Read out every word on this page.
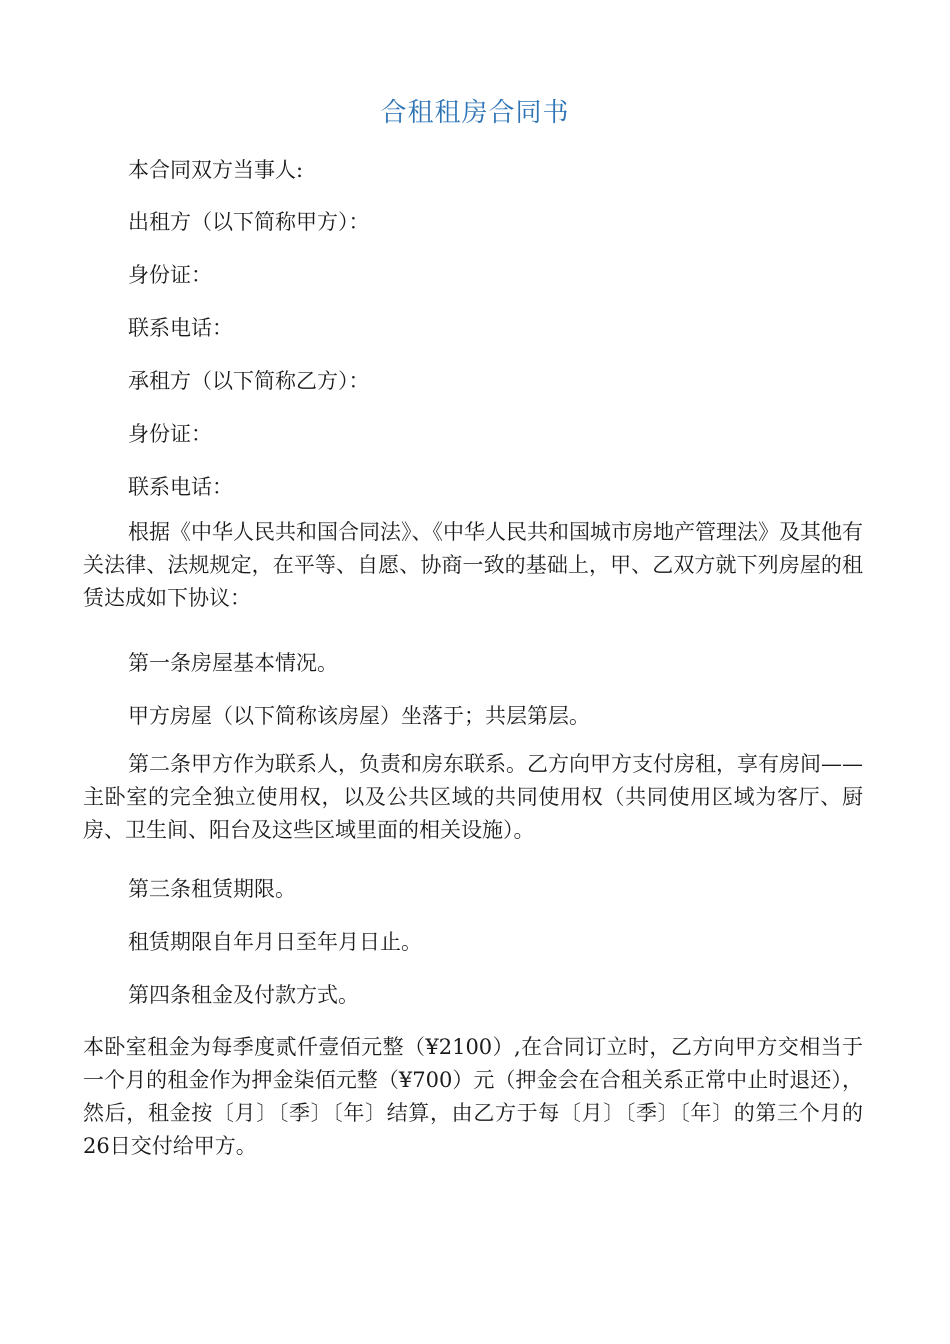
合租租房合同书
本合同双方当事人:
出租方（以下简称甲方）：
身份证：
联系电话：
承租方（以下简称乙方）：
身份证：
联系电话：
根据《中华人民共和国合同法》、《中华人民共和国城市房地产管理法》及其他有关法律、法规规定，在平等、自愿、协商一致的基础上，甲、乙双方就下列房屋的租赁达成如下协议：
第一条房屋基本情况。
甲方房屋（以下简称该房屋）坐落于；共层第层。
第二条甲方作为联系人，负责和房东联系。乙方向甲方支付房租，享有房间——主卧室的完全独立使用权，以及公共区域的共同使用权（共同使用区域为客厅、厨房、卫生间、阳台及这些区域里面的相关设施）。
第三条租赁期限。
租赁期限自年月日至年月日止。
第四条租金及付款方式。
本卧室租金为每季度贰仟壹佰元整（¥2100）,在合同订立时，乙方向甲方交相当于一个月的租金作为押金柒佰元整（¥700）元（押金会在合租关系正常中止时退还），然后，租金按〔月〕〔季〕〔年〕结算，由乙方于每〔月〕〔季〕〔年〕的第三个月的26日交付给甲方。
